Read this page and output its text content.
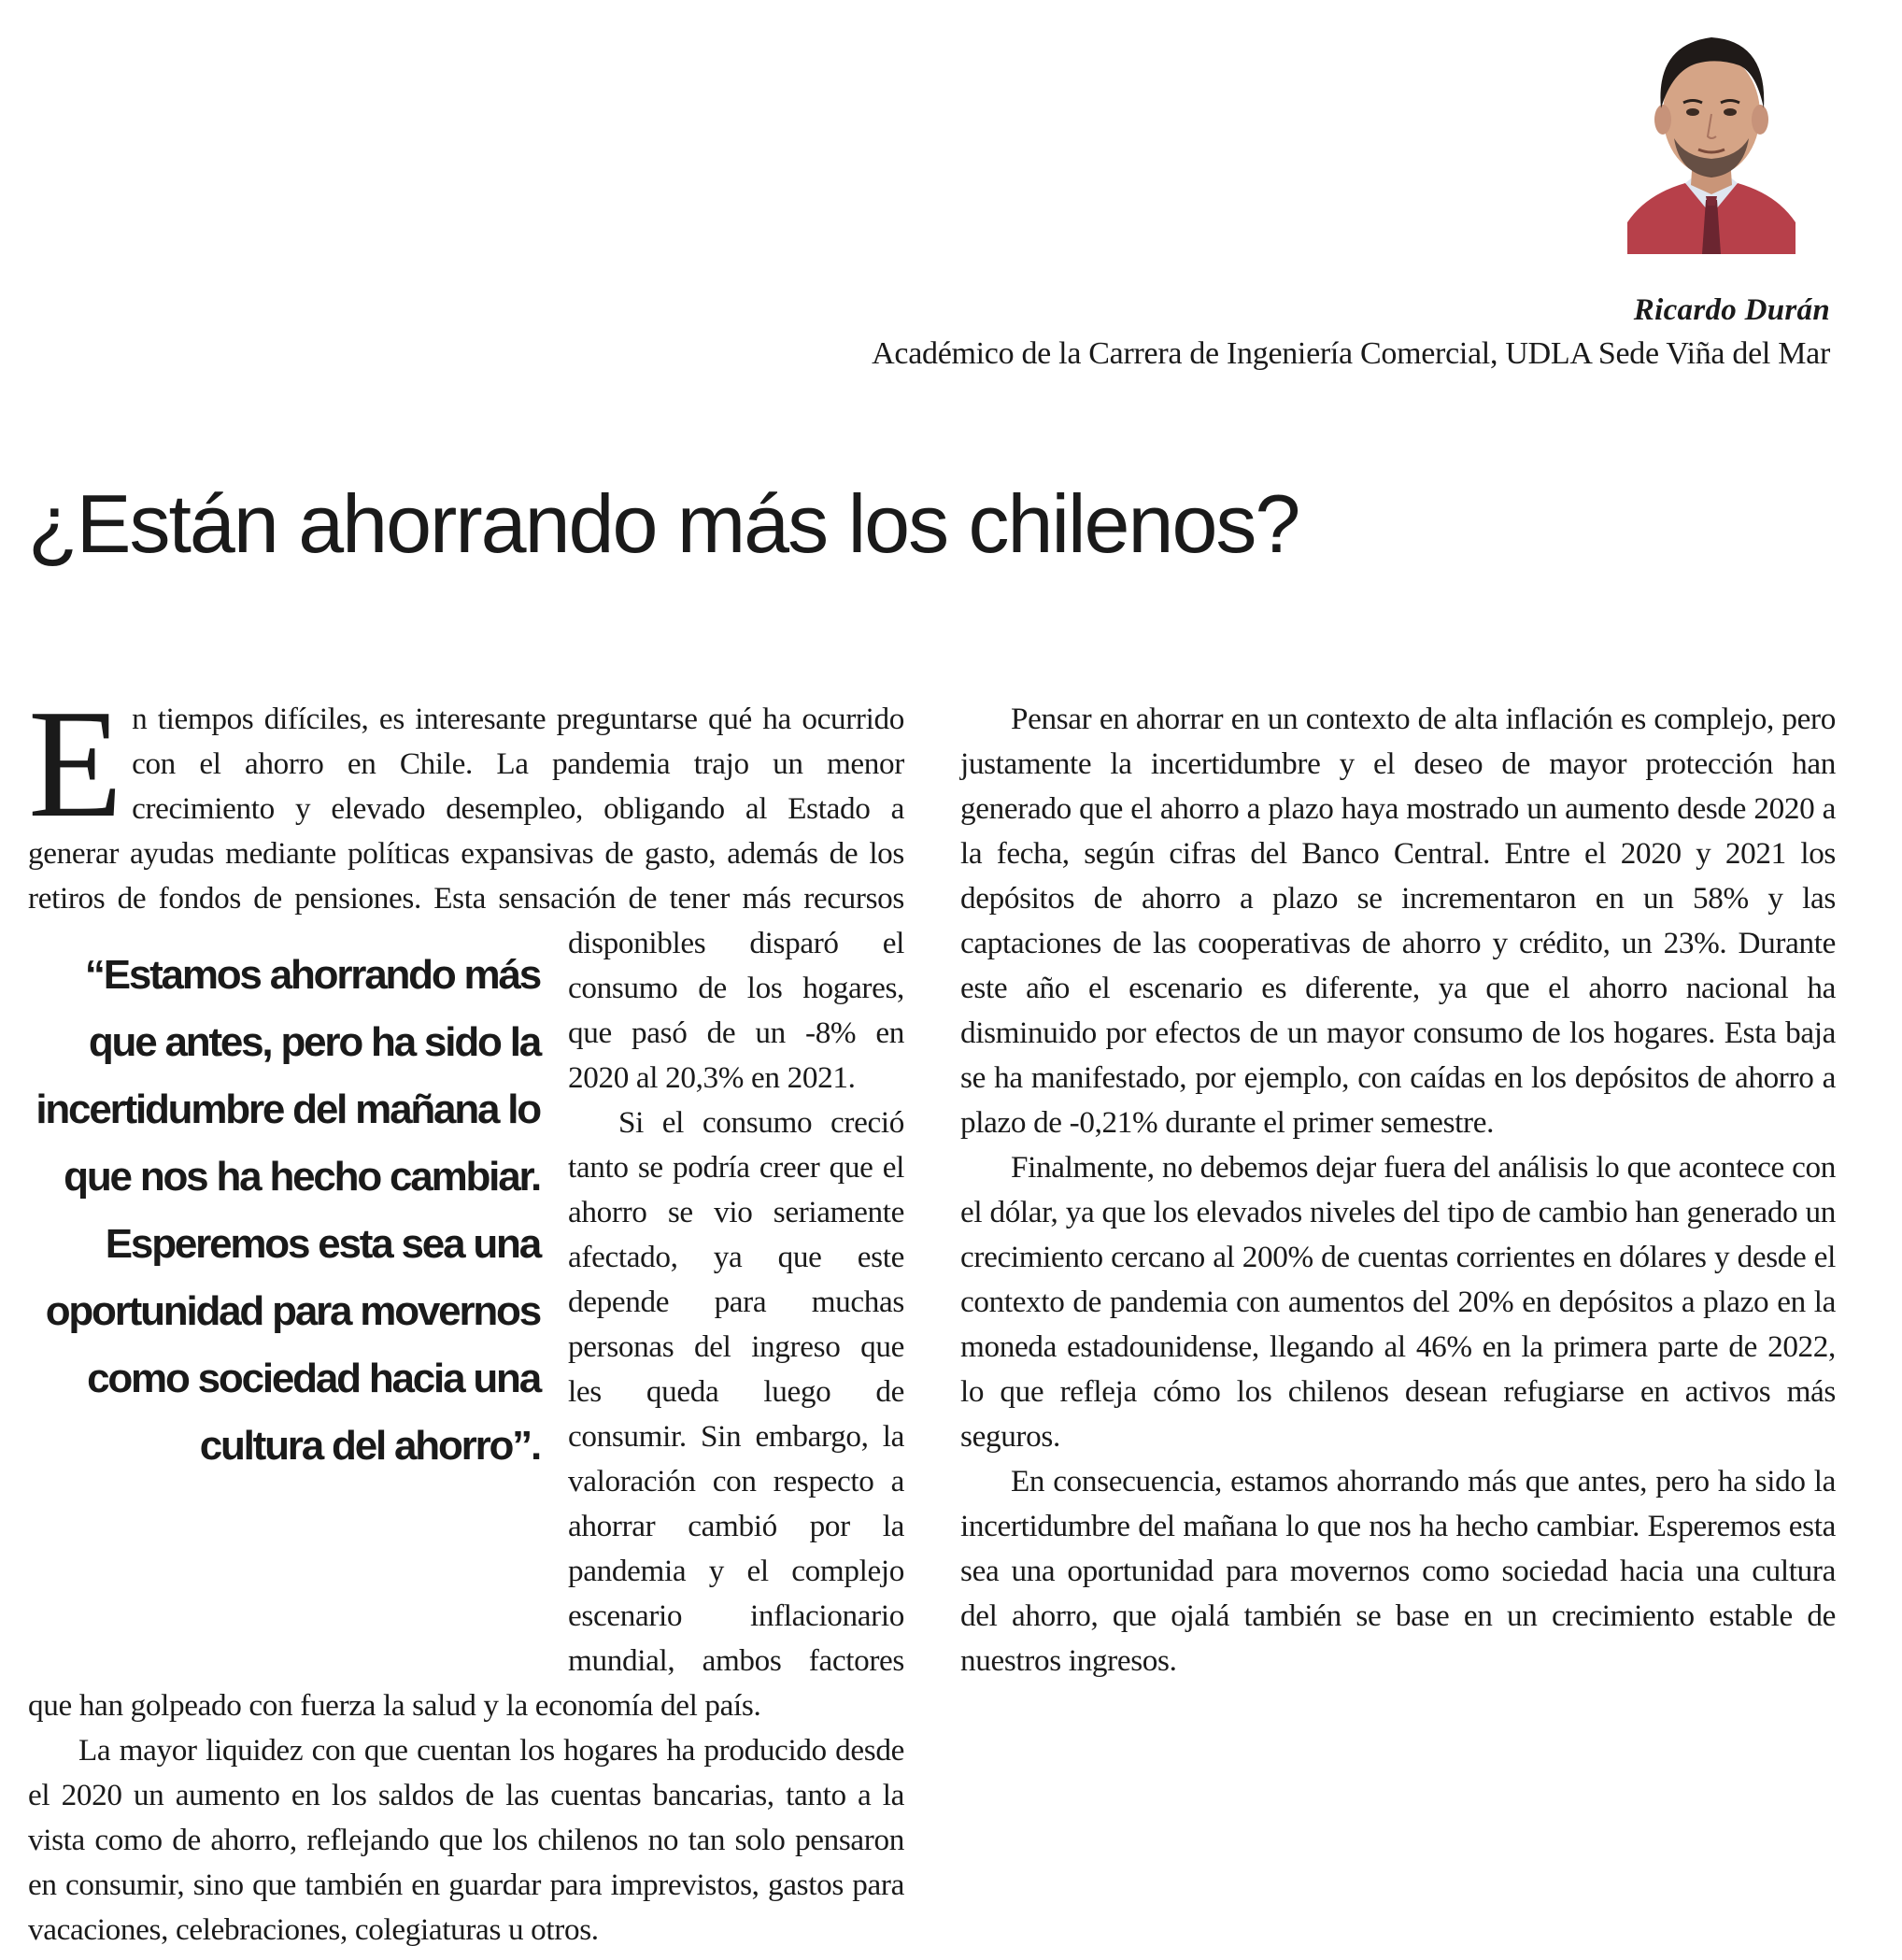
Ricardo Durán
Académico de la Carrera de Ingeniería Comercial, UDLA Sede Viña del Mar
¿Están ahorrando más los chilenos?
E n tiempos difíciles, es interesante preguntarse qué ha ocurrido con el ahorro en Chile. La pandemia trajo un menor crecimiento y elevado desempleo, obligando al Estado a generar ayudas mediante políticas expansivas de gasto, además de los retiros de fondos de pensiones.
“Estamos ahorrando más que antes, pero ha sido la incertidumbre del mañana lo que nos ha hecho cambiar. Esperemos esta sea una oportunidad para movernos como sociedad hacia una cultura del ahorro”.
Esta sensación de tener más recursos disponibles disparó el consumo de los hogares, que pasó de un -8% en 2020 al 20,3% en 2021.

Si el consumo creció tanto se podría creer que el ahorro se vio seriamente afectado, ya que este depende para muchas personas del ingreso que les queda luego de consumir. Sin embargo, la valoración con respecto a ahorrar cambió por la pandemia y el complejo escenario inflacionario mundial, ambos factores que han golpeado con fuerza la salud y la economía del país.

La mayor liquidez con que cuentan los hogares ha producido desde el 2020 un aumento en los saldos de las cuentas bancarias, tanto a la vista como de ahorro, reflejando que los chilenos no tan solo pensaron en consumir, sino que también en guardar para imprevistos, gastos para vacaciones, celebraciones, colegiaturas u otros.

Pensar en ahorrar en un contexto de alta inflación es complejo, pero justamente la incertidumbre y el deseo de mayor protección han generado que el ahorro a plazo haya mostrado un aumento desde 2020 a la fecha, según cifras del Banco Central. Entre el 2020 y 2021 los depósitos de ahorro a plazo se incrementaron en un 58% y las captaciones de las cooperativas de ahorro y crédito, un 23%. Durante este año el escenario es diferente, ya que el ahorro nacional ha disminuido por efectos de un mayor consumo de los hogares. Esta baja se ha manifestado, por ejemplo, con caídas en los depósitos de ahorro a plazo de -0,21% durante el primer semestre.

Finalmente, no debemos dejar fuera del análisis lo que acontece con el dólar, ya que los elevados niveles del tipo de cambio han generado un crecimiento cercano al 200% de cuentas corrientes en dólares y desde el contexto de pandemia con aumentos del 20% en depósitos a plazo en la moneda estadounidense, llegando al 46% en la primera parte de 2022, lo que refleja cómo los chilenos desean refugiarse en activos más seguros.

En consecuencia, estamos ahorrando más que antes, pero ha sido la incertidumbre del mañana lo que nos ha hecho cambiar. Esperemos esta sea una oportunidad para movernos como sociedad hacia una cultura del ahorro, que ojalá también se base en un crecimiento estable de nuestros ingresos.
